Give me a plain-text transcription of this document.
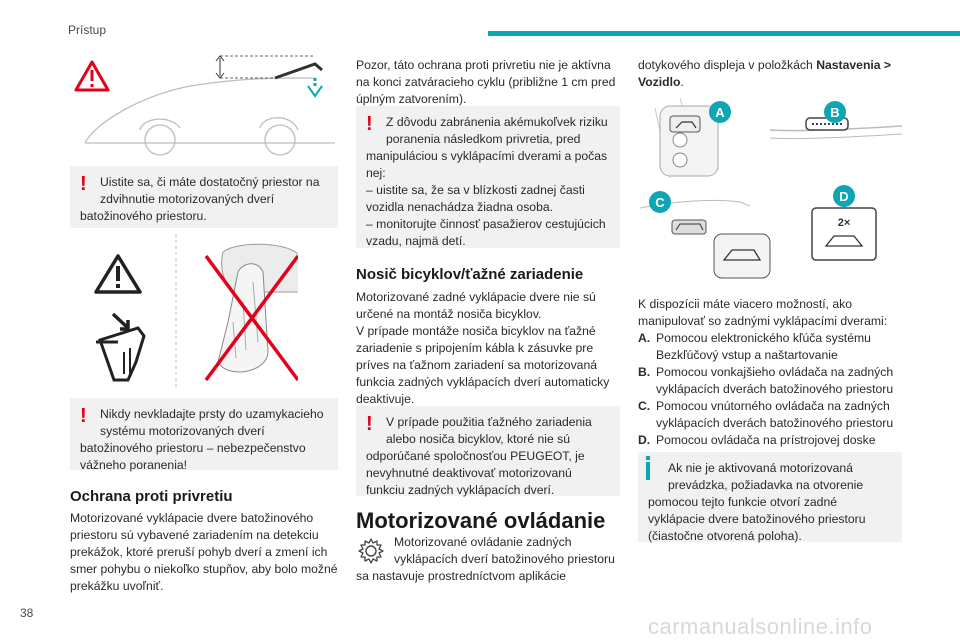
Prístup
!	Uistite sa, či máte dostatočný priestor na zdvihnutie motorizovaných dverí
batožinového priestoru.
!	Nikdy nevkladajte prsty do uzamykacieho systému motorizovaných dverí
batožinového priestoru – nebezpečenstvo vážneho poranenia!
Ochrana proti privretiu
Motorizované vyklápacie dvere batožinového priestoru sú vybavené zariadením na detekciu prekážok, ktoré preruší pohyb dverí a zmení ich smer pohybu o niekoľko stupňov, aby bolo možné prekážku uvoľniť.
Pozor, táto ochrana proti privretiu nie je aktívna na konci zatváracieho cyklu (približne 1 cm pred úplným zatvorením).
!	Z dôvodu zabránenia akémukoľvek riziku poranenia následkom privretia, pred
manipuláciou s vyklápacími dverami a počas nej:
– uistite sa, že sa v blízkosti zadnej časti vozidla nenachádza žiadna osoba.
– monitorujte činnosť pasažierov cestujúcich vzadu, najmä detí.
Nosič bicyklov/ťažné zariadenie
Motorizované zadné vyklápacie dvere nie sú určené na montáž nosiča bicyklov.
V prípade montáže nosiča bicyklov na ťažné zariadenie s pripojením kábla k zásuvke pre príves na ťažnom zariadení sa motorizovaná funkcia zadných vyklápacích dverí automaticky deaktivuje.
!	V prípade použitia ťažného zariadenia alebo nosiča bicyklov, ktoré nie sú
odporúčané spoločnosťou PEUGEOT, je nevyhnutné deaktivovať motorizovanú funkciu zadných vyklápacích dverí.
Motorizované ovládanie
Motorizované ovládanie zadných vyklápacích dverí batožinového priestoru
sa nastavuje prostredníctvom aplikácie
dotykového displeja v položkách Nastavenia > Vozidlo.
A	B
C
2×
D
K dispozícii máte viacero možností, ako manipulovať so zadnými vyklápacími dverami:
A. Pomocou elektronického kľúča systému Bezkľúčový vstup a naštartovanie
B. Pomocou vonkajšieho ovládača na zadných vyklápacích dverách batožinového priestoru
C. Pomocou vnútorného ovládača na zadných vyklápacích dverách batožinového priestoru
D. Pomocou ovládača na prístrojovej doske
Ak nie je aktivovaná motorizovaná prevádzka, požiadavka na otvorenie
pomocou tejto funkcie otvorí zadné vyklápacie dvere batožinového priestoru (čiastočne otvorená poloha).
38
carmanualsonline.info
